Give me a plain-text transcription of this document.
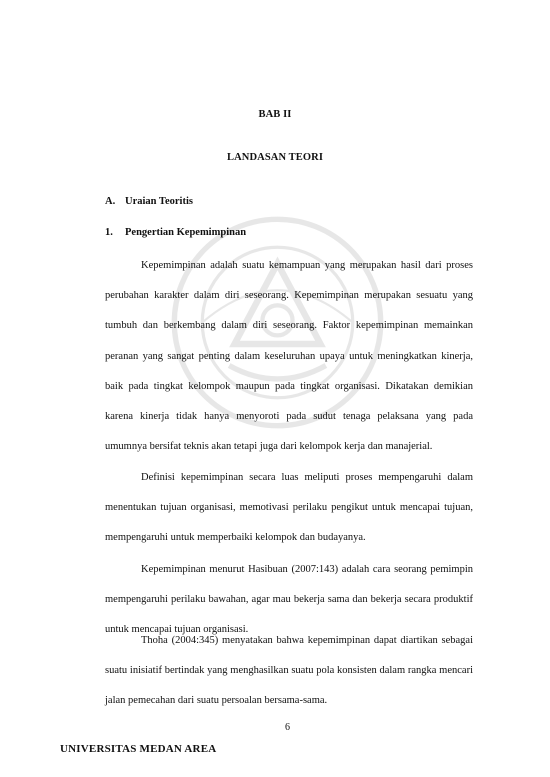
BAB II
LANDASAN TEORI
A. Uraian Teoritis
1. Pengertian Kepemimpinan

Kepemimpinan adalah suatu kemampuan yang merupakan hasil dari proses perubahan karakter dalam diri seseorang. Kepemimpinan merupakan sesuatu yang tumbuh dan berkembang dalam diri seseorang. Faktor kepemimpinan memainkan peranan yang sangat penting dalam keseluruhan upaya untuk meningkatkan kinerja, baik pada tingkat kelompok maupun pada tingkat organisasi. Dikatakan demikian karena kinerja tidak hanya menyoroti pada sudut tenaga pelaksana yang pada umumnya bersifat teknis akan tetapi juga dari kelompok kerja dan manajerial.

Definisi kepemimpinan secara luas meliputi proses mempengaruhi dalam menentukan tujuan organisasi, memotivasi perilaku pengikut untuk mencapai tujuan, mempengaruhi untuk memperbaiki kelompok dan budayanya.

Kepemimpinan menurut Hasibuan (2007:143) adalah cara seorang pemimpin mempengaruhi perilaku bawahan, agar mau bekerja sama dan bekerja secara produktif untuk mencapai tujuan organisasi.

Thoha (2004:345) menyatakan bahwa kepemimpinan dapat diartikan sebagai suatu inisiatif bertindak yang menghasilkan suatu pola konsisten dalam rangka mencari jalan pemecahan dari suatu persoalan bersama-sama.

6
UNIVERSITAS MEDAN AREA
